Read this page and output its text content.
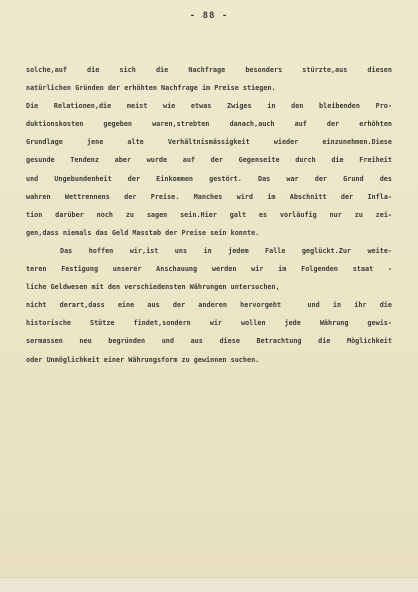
- 88 -
solche,auf die sich die Nachfrage besonders stürzte,aus diesen
natürlichen Gründen der erhöhten Nachfrage im Preise stiegen.
Die Relationen,die meist wie etwas Zwiges in den bleibenden Pro-
duktionskosten gegeben waren,strebten danach,auch auf der erhöhten
Grundlage jene alte Verhältnismässigkeit wieder einzunehmen.Diese
gesunde Tendenz aber wurde auf der Gegenseite durch die Freiheit
und Ungebundenheit der Einkommen gestört. Das war der Grund des
wahren Wettrennens der Preise. Manches wird im Abschnitt der Infla-
tion darüber noch zu sagen sein.Hier galt es vorläufig nur zu zei-
gen,dass niemals das Geld Masstab der Preise sein konnte.
Das hoffen wir,ist uns in jedem Falle geglückt.Zur weite-
teren Festigung unserer Anschauung werden wir im Folgenden staat -
liche Geldwesen mit den verschiedensten Währungen untersuchen,
nicht derart,dass eine aus der anderen hervorgeht  und in ihr die
historische Stütze findet,sondern wir wollen jede Währung gewis-
sermassen neu begründen und aus diese Betrachtung die Möglichkeit
oder Unmöglichkeit einer Währungsform zu gewinnen suchen.
